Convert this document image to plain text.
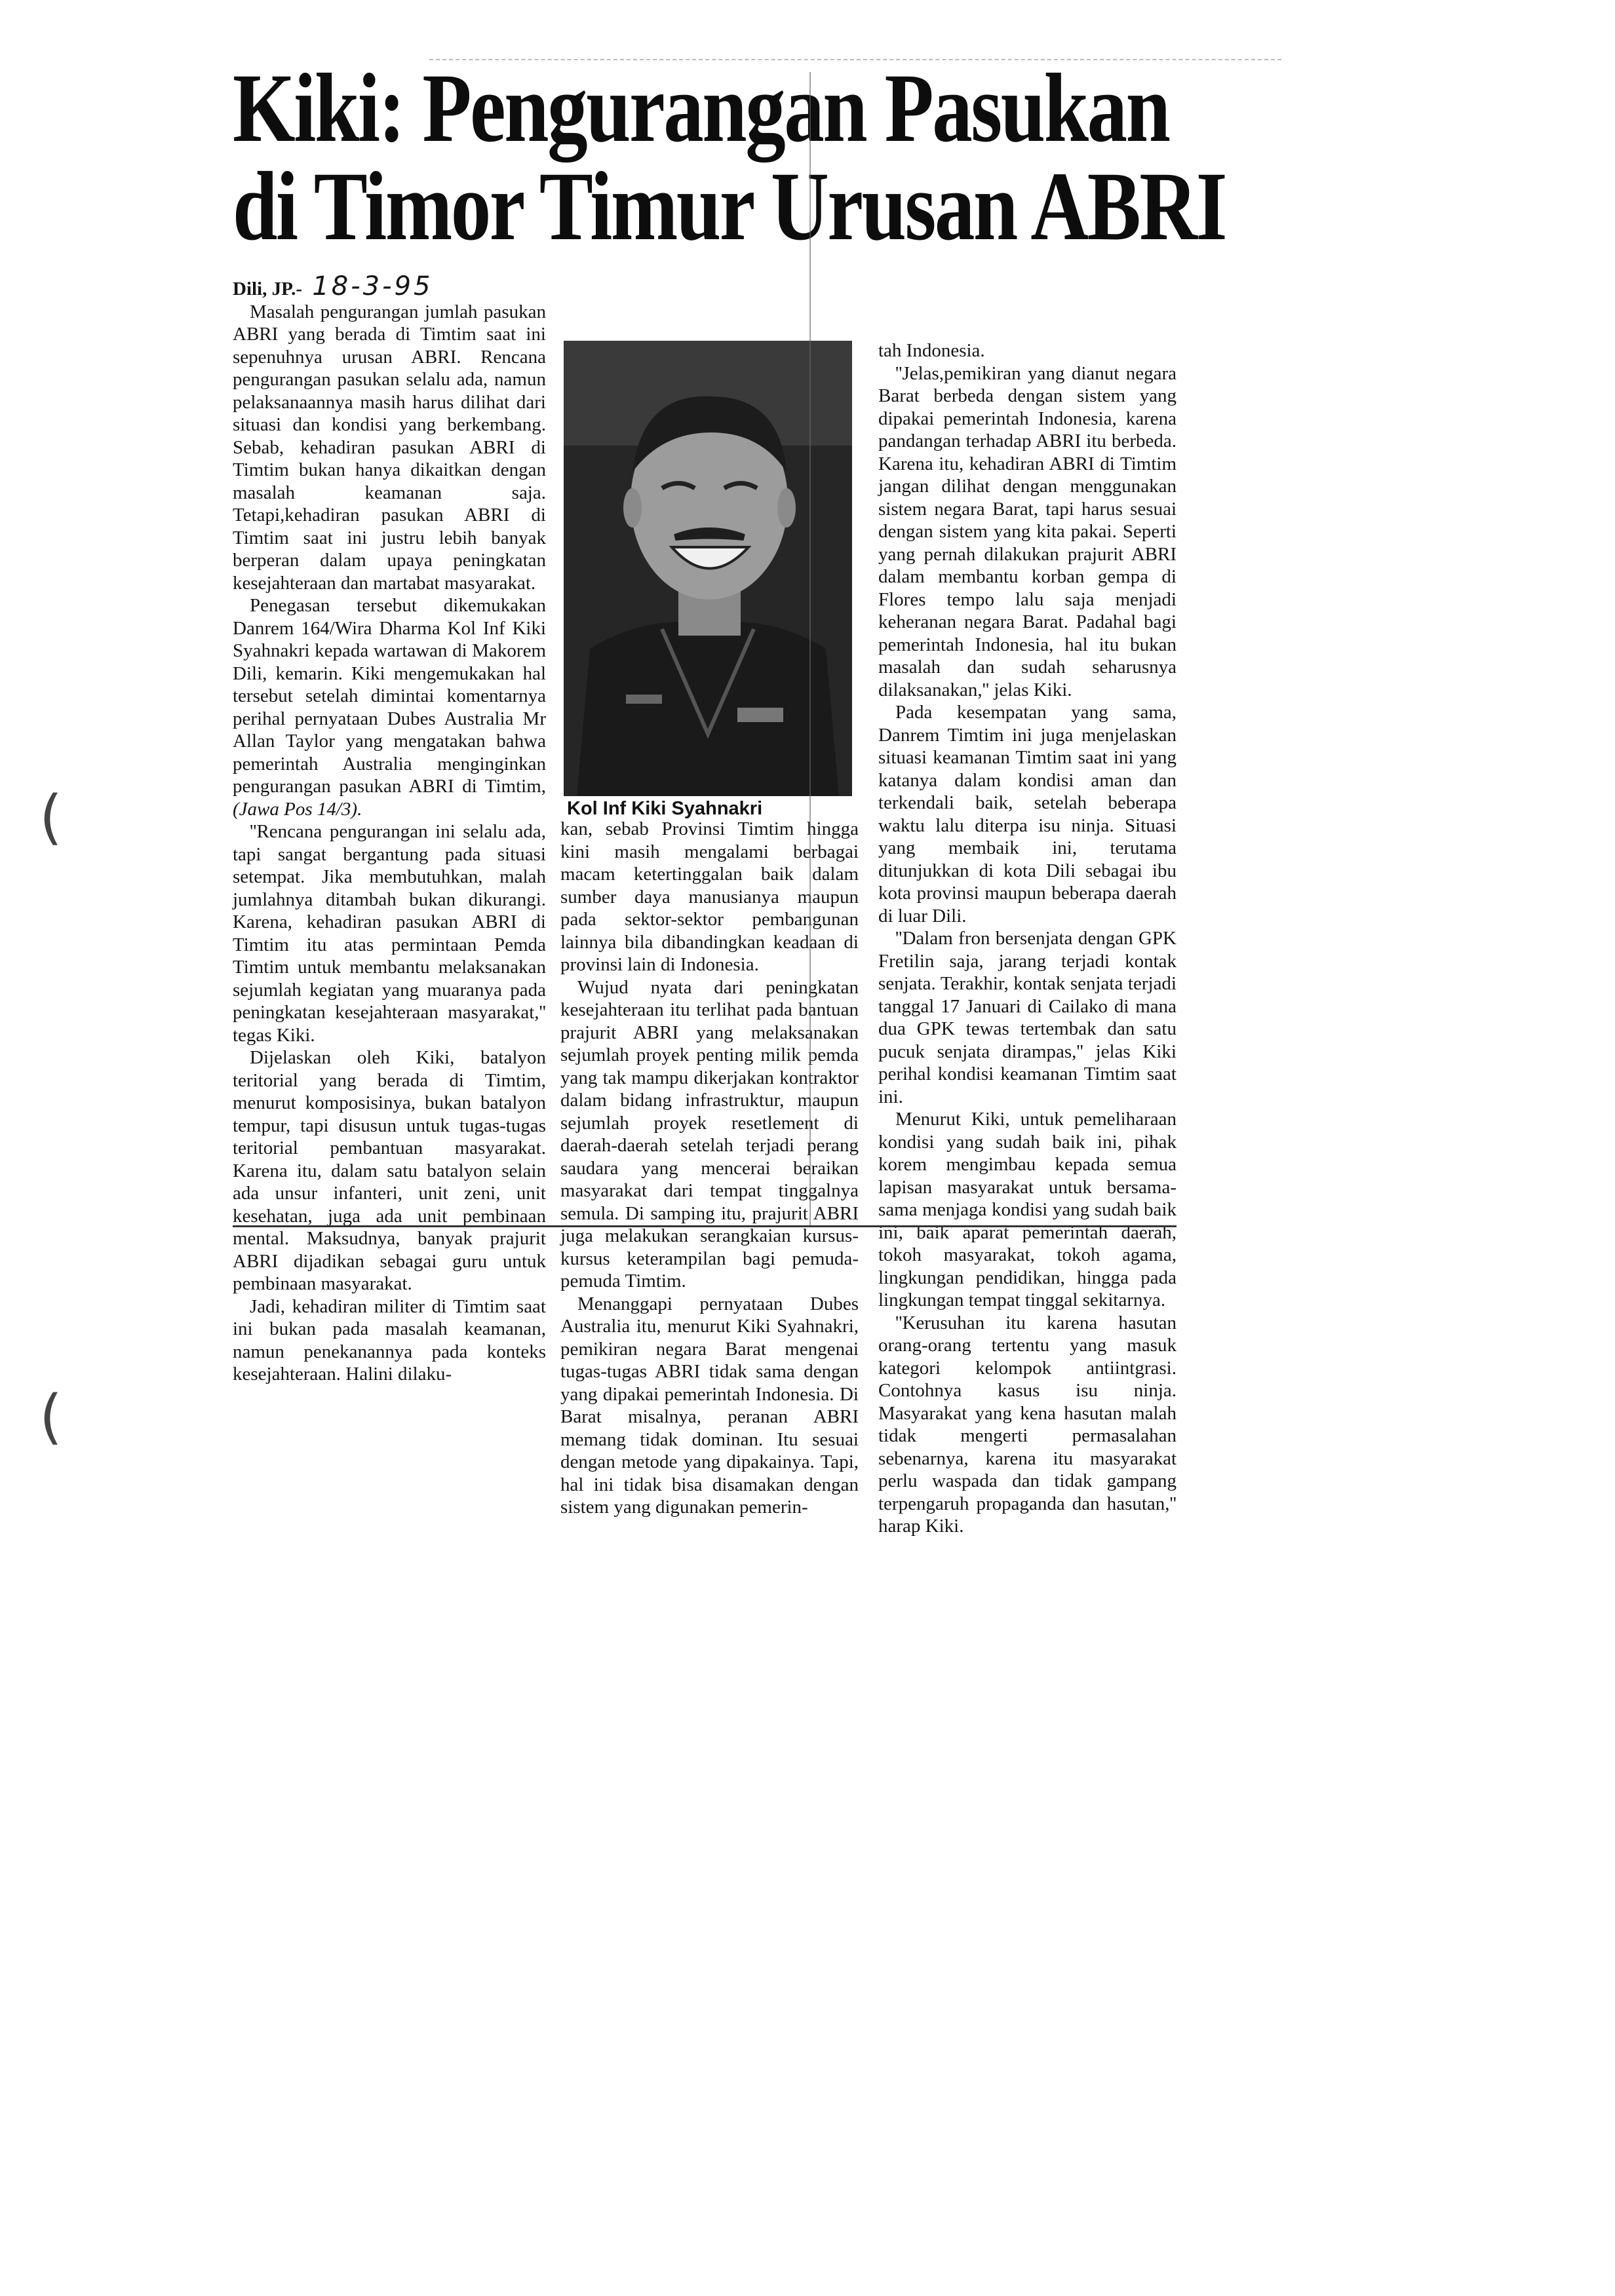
Kiki: Pengurangan Pasukan
di Timor Timur Urusan ABRI

Dili, JP.- 18-3-95

Masalah pengurangan jumlah pasukan ABRI yang berada di Timtim saat ini sepenuhnya urusan ABRI. Rencana pengurangan pasukan selalu ada, namun pelaksanaannya masih harus dilihat dari situasi dan kondisi yang berkembang. Sebab, kehadiran pasukan ABRI di Timtim bukan hanya dikaitkan dengan masalah keamanan saja. Tetapi,kehadiran pasukan ABRI di Timtim saat ini justru lebih banyak berperan dalam upaya peningkatan kesejahteraan dan martabat masyarakat.

Penegasan tersebut dikemukakan Danrem 164/Wira Dharma Kol Inf Kiki Syahnakri kepada wartawan di Makorem Dili, kemarin. Kiki mengemukakan hal tersebut setelah dimintai komentarnya perihal pernyataan Dubes Australia Mr Allan Taylor yang mengatakan bahwa pemerintah Australia menginginkan pengurangan pasukan ABRI di Timtim, (Jawa Pos 14/3).

''Rencana pengurangan ini selalu ada, tapi sangat bergantung pada situasi setempat. Jika membutuhkan, malah jumlahnya ditambah bukan dikurangi. Karena, kehadiran pasukan ABRI di Timtim itu atas permintaan Pemda Timtim untuk membantu melaksanakan sejumlah kegiatan yang muaranya pada peningkatan kesejahteraan masyarakat,'' tegas Kiki.

Dijelaskan oleh Kiki, batalyon teritorial yang berada di Timtim, menurut komposisinya, bukan batalyon tempur, tapi disusun untuk tugas-tugas teritorial pembantuan masyarakat. Karena itu, dalam satu batalyon selain ada unsur infanteri, unit zeni, unit kesehatan, juga ada unit pembinaan mental. Maksudnya, banyak prajurit ABRI dijadikan sebagai guru untuk pembinaan masyarakat.

Jadi, kehadiran militer di Timtim saat ini bukan pada masalah keamanan, namun penekanannya pada konteks kesejahteraan. Halini dilaku-

kan, sebab Provinsi Timtim hingga kini masih mengalami berbagai macam ketertinggalan baik dalam sumber daya manusianya maupun pada sektor-sektor pembangunan lainnya bila dibandingkan keadaan di provinsi lain di Indonesia.

Wujud nyata dari peningkatan kesejahteraan itu terlihat pada bantuan prajurit ABRI yang melaksanakan sejumlah proyek penting milik pemda yang tak mampu dikerjakan kontraktor dalam bidang infrastruktur, maupun sejumlah proyek resetlement di daerah-daerah setelah terjadi perang saudara yang mencerai beraikan masyarakat dari tempat tinggalnya semula. Di samping itu, prajurit ABRI juga melakukan serangkaian kursus-kursus keterampilan bagi pemuda-pemuda Timtim.

Menanggapi pernyataan Dubes Australia itu, menurut Kiki Syahnakri, pemikiran negara Barat mengenai tugas-tugas ABRI tidak sama dengan yang dipakai pemerintah Indonesia. Di Barat misalnya, peranan ABRI memang tidak dominan. Itu sesuai dengan metode yang dipakainya. Tapi, hal ini tidak bisa disamakan dengan sistem yang digunakan pemerin-

tah Indonesia.

''Jelas,pemikiran yang dianut negara Barat berbeda dengan sistem yang dipakai pemerintah Indonesia, karena pandangan terhadap ABRI itu berbeda. Karena itu, kehadiran ABRI di Timtim jangan dilihat dengan menggunakan sistem negara Barat, tapi harus sesuai dengan sistem yang kita pakai. Seperti yang pernah dilakukan prajurit ABRI dalam membantu korban gempa di Flores tempo lalu saja menjadi keheranan negara Barat. Padahal bagi pemerintah Indonesia, hal itu bukan masalah dan sudah seharusnya dilaksanakan,'' jelas Kiki.

Pada kesempatan yang sama, Danrem Timtim ini juga menjelaskan situasi keamanan Timtim saat ini yang katanya dalam kondisi aman dan terkendali baik, setelah beberapa waktu lalu diterpa isu ninja. Situasi yang membaik ini, terutama ditunjukkan di kota Dili sebagai ibu kota provinsi maupun beberapa daerah di luar Dili.

''Dalam fron bersenjata dengan GPK Fretilin saja, jarang terjadi kontak senjata. Terakhir, kontak senjata terjadi tanggal 17 Januari di Cailako di mana dua GPK tewas tertembak dan satu pucuk senjata dirampas,'' jelas Kiki perihal kondisi keamanan Timtim saat ini.

Menurut Kiki, untuk pemeliharaan kondisi yang sudah baik ini, pihak korem mengimbau kepada semua lapisan masyarakat untuk bersama-sama menjaga kondisi yang sudah baik ini, baik aparat pemerintah daerah, tokoh masyarakat, tokoh agama, lingkungan pendidikan, hingga pada lingkungan tempat tinggal sekitarnya.

''Kerusuhan itu karena hasutan orang-orang tertentu yang masuk kategori kelompok antiintgrasi. Contohnya kasus isu ninja. Masyarakat yang kena hasutan malah tidak mengerti permasalahan sebenarnya, karena itu masyarakat perlu waspada dan tidak gampang terpengaruh propaganda dan hasutan,'' harap Kiki.

Kol Inf Kiki Syahnakri
(
(
